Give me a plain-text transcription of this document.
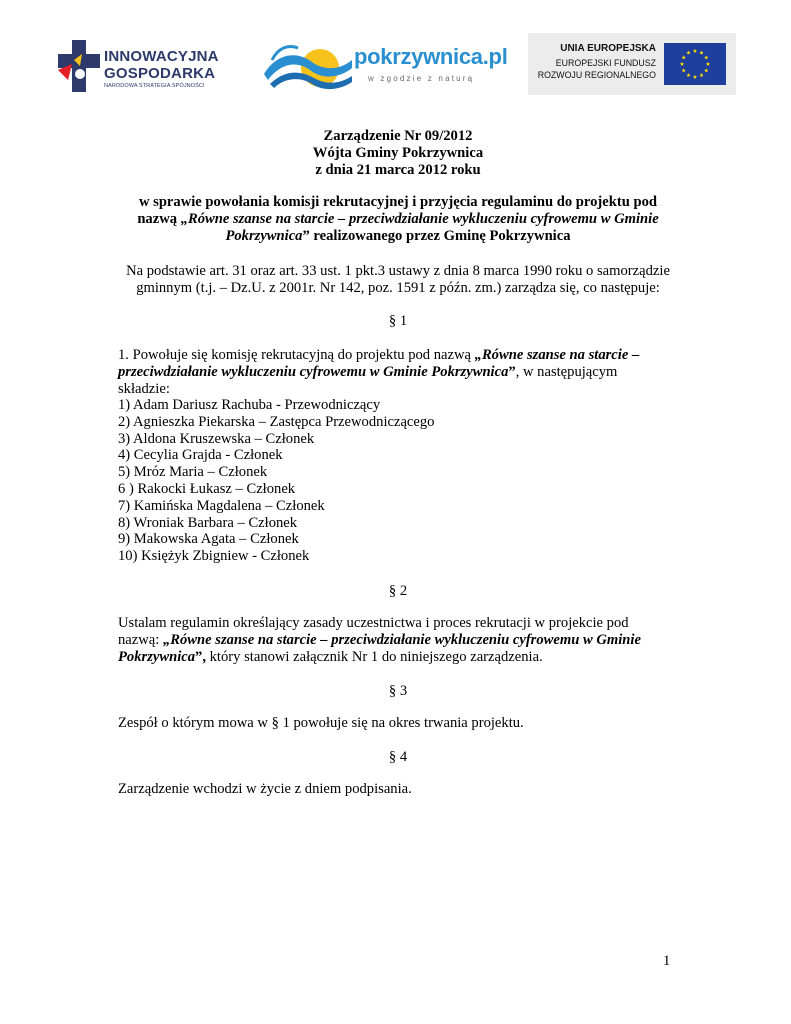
INNOWACYJNA
GOSPODARKA
NARODOWA STRATEGIA SPÓJNOŚCI
pokrzywnica.pl
w zgodzie z naturą
UNIA EUROPEJSKA
EUROPEJSKI FUNDUSZ
ROZWOJU REGIONALNEGO
Zarządzenie Nr 09/2012
Wójta Gminy Pokrzywnica
z dnia 21 marca 2012 roku
w sprawie powołania komisji rekrutacyjnej i przyjęcia regulaminu do projektu pod
nazwą „Równe szanse na starcie – przeciwdziałanie wykluczeniu cyfrowemu w Gminie
Pokrzywnica” realizowanego przez Gminę Pokrzywnica
Na podstawie art. 31 oraz art. 33 ust. 1 pkt.3 ustawy z dnia 8 marca 1990 roku o samorządzie
gminnym (t.j. – Dz.U. z 2001r. Nr 142, poz. 1591 z późn. zm.) zarządza się, co następuje:
§ 1
1. Powołuje się komisję rekrutacyjną do projektu pod nazwą „Równe szanse na starcie –
przeciwdziałanie wykluczeniu cyfrowemu w Gminie Pokrzywnica”, w następującym
składzie:
1) Adam Dariusz Rachuba - Przewodniczący
2) Agnieszka Piekarska – Zastępca Przewodniczącego
3) Aldona Kruszewska – Członek
4) Cecylia Grajda - Członek
5) Mróz Maria – Członek
6 ) Rakocki Łukasz – Członek
7) Kamińska Magdalena – Członek
8) Wroniak Barbara – Członek
9) Makowska Agata – Członek
10) Księżyk Zbigniew - Członek
§ 2
Ustalam regulamin określający zasady uczestnictwa i proces rekrutacji w projekcie pod
nazwą: „Równe szanse na starcie – przeciwdziałanie wykluczeniu cyfrowemu w Gminie
Pokrzywnica”, który stanowi załącznik Nr 1 do niniejszego zarządzenia.
§ 3
Zespół o którym mowa w § 1 powołuje się na okres trwania projektu.
§ 4
Zarządzenie wchodzi w życie z dniem podpisania.
1
